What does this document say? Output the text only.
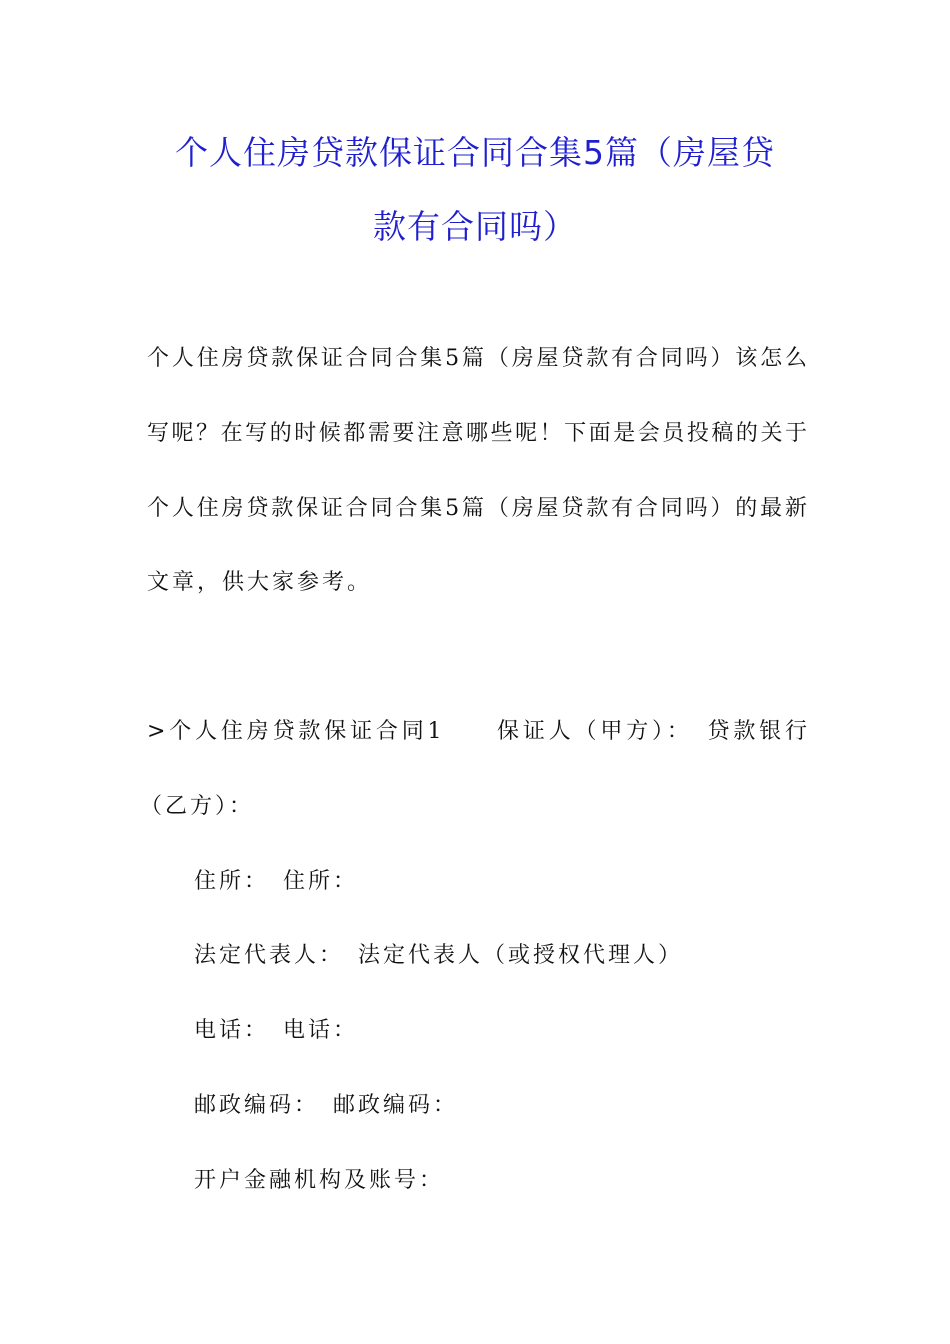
个人住房贷款保证合同合集5篇（房屋贷
款有合同吗）
个人住房贷款保证合同合集5篇（房屋贷款有合同吗）该怎么
写呢？在写的时候都需要注意哪些呢！下面是会员投稿的关于
个人住房贷款保证合同合集5篇（房屋贷款有合同吗）的最新
文章，供大家参考。
>个人住房贷款保证合同1　　保证人（甲方）：　贷款银行
（乙方）：
住所：　住所：
法定代表人：　法定代表人（或授权代理人）
电话：　电话：
邮政编码：　邮政编码：
开户金融机构及账号：
